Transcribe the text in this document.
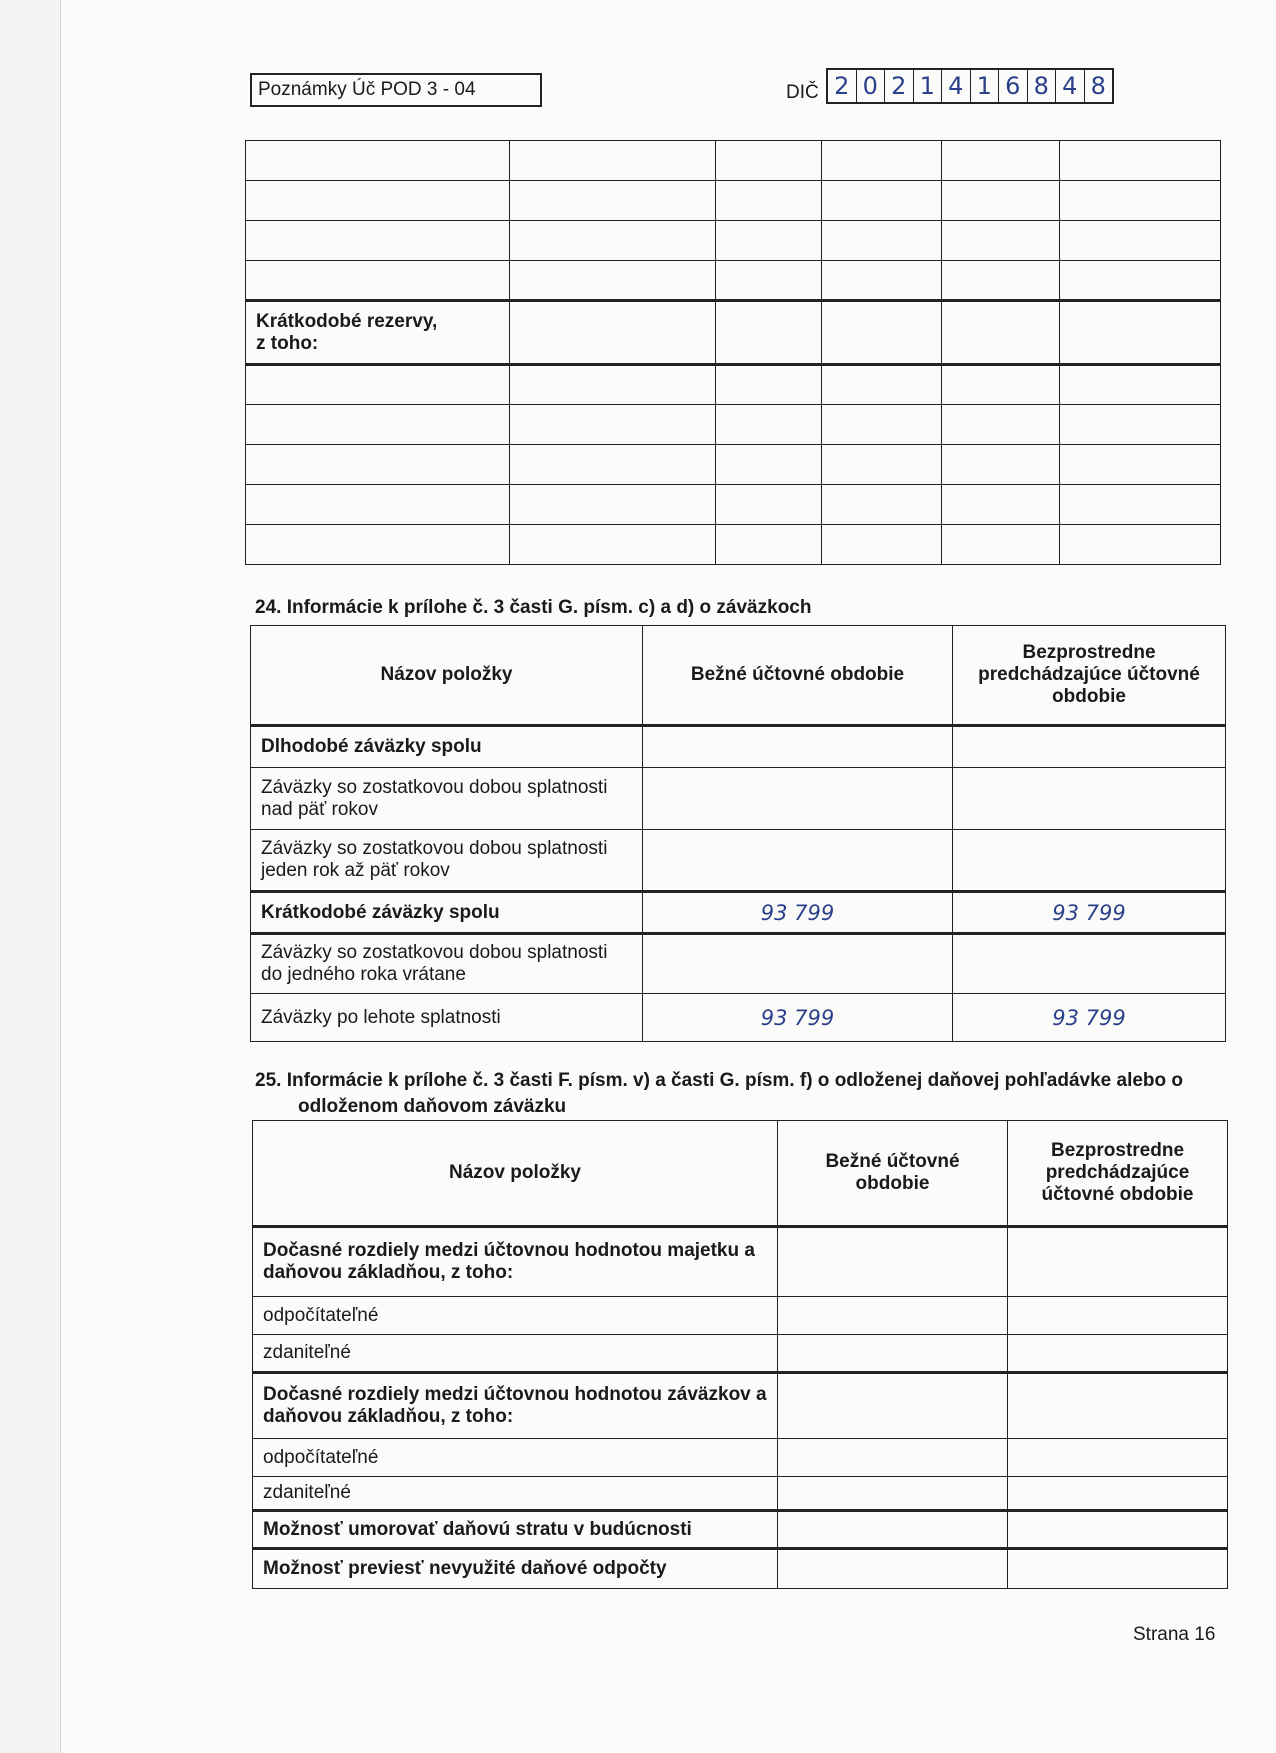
Poznámky Úč POD 3 - 04	DIČ 2 0 2 1 4 1 6 8 4 8

Krátkodobé rezervy,
z toho:					

24. Informácie k prílohe č. 3 časti G. písm. c) a d) o záväzkoch
Názov položky	Bežné účtovné obdobie	Bezprostredne predchádzajúce účtovné obdobie
Dlhodobé záväzky spolu		
Záväzky so zostatkovou dobou splatnosti nad päť rokov		
Záväzky so zostatkovou dobou splatnosti jeden rok až päť rokov		
Krátkodobé záväzky spolu	93 799	93 799
Záväzky so zostatkovou dobou splatnosti do jedného roka vrátane		
Záväzky po lehote splatnosti	93 799	93 799
25. Informácie k prílohe č. 3 časti F. písm. v) a časti G. písm. f) o odloženej daňovej pohľadávke alebo o
odloženom daňovom záväzku
Názov položky	Bežné účtovné obdobie	Bezprostredne predchádzajúce účtovné obdobie
Dočasné rozdiely medzi účtovnou hodnotou majetku a daňovou základňou, z toho:		
odpočítateľné		
zdaniteľné		
Dočasné rozdiely medzi účtovnou hodnotou záväzkov a daňovou základňou, z toho:		
odpočítateľné		
zdaniteľné		
Možnosť umorovať daňovú stratu v budúcnosti		
Možnosť previesť nevyužité daňové odpočty		
Strana 16
